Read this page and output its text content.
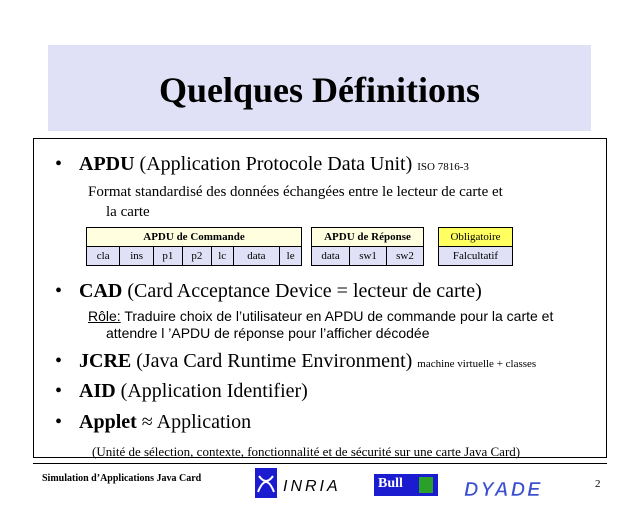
Quelques Définitions
• APDU (Application Protocole Data Unit) ISO 7816-3
Format standardisé des données échangées entre le lecteur de carte et
la carte
APDU de Commande
cla	ins	p1	p2	lc	data	le
APDU de Réponse
data	sw1	sw2
Obligatoire
Falcultatif
• CAD (Card Acceptance Device = lecteur de carte)
Rôle: Traduire choix de l’utilisateur en APDU de commande pour la carte et
attendre l ’APDU de réponse pour l’afficher décodée
• JCRE (Java Card Runtime Environment) machine virtuelle + classes
• AID (Application Identifier)
• Applet ≈ Application
(Unité de sélection, contexte, fonctionnalité et de sécurité sur une carte Java Card)
Simulation d’Applications Java Card	INRIA	Bull	DYADE	2
